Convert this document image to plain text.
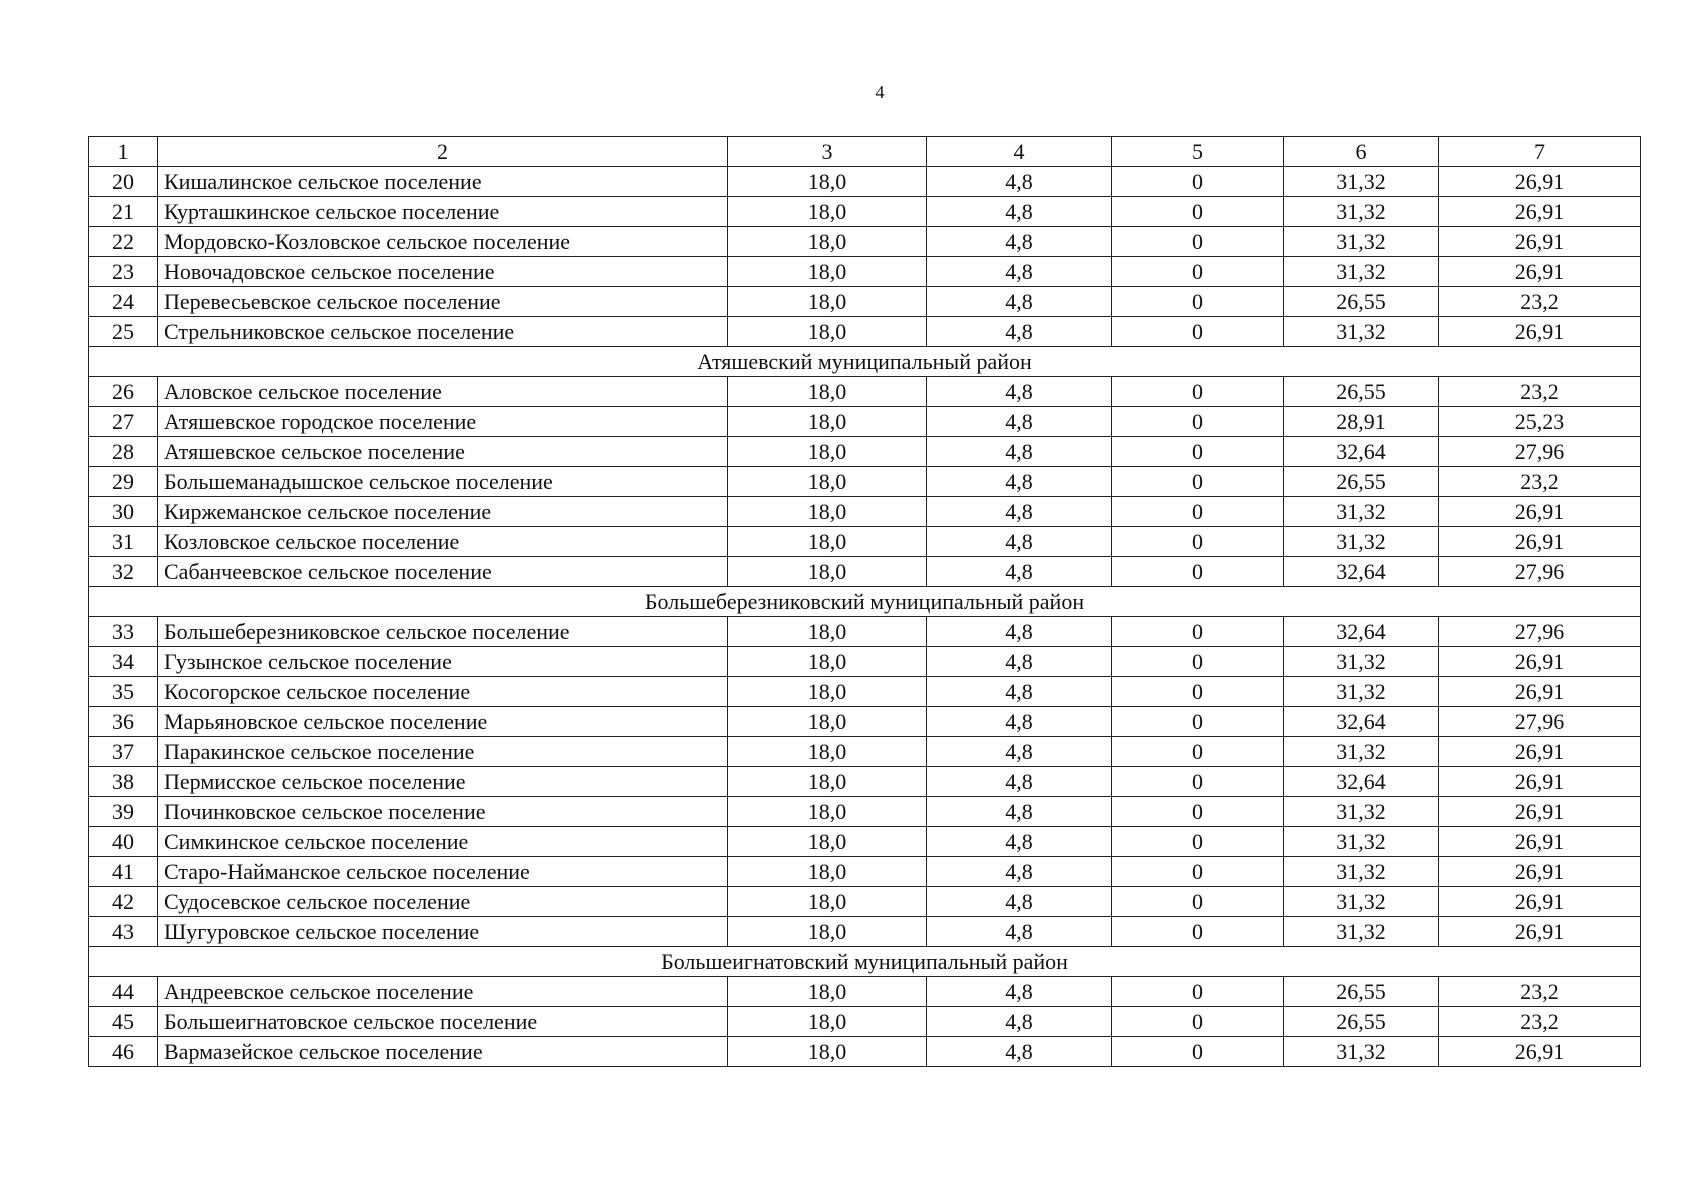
4
1	2	3	4	5	6	7
20	Кишалинское сельское поселение	18,0	4,8	0	31,32	26,91
21	Курташкинское сельское поселение	18,0	4,8	0	31,32	26,91
22	Мордовско-Козловское сельское поселение	18,0	4,8	0	31,32	26,91
23	Новочадовское сельское поселение	18,0	4,8	0	31,32	26,91
24	Перевесьевское сельское поселение	18,0	4,8	0	26,55	23,2
25	Стрельниковское сельское поселение	18,0	4,8	0	31,32	26,91
Атяшевский муниципальный район						
26	Аловское сельское поселение	18,0	4,8	0	26,55	23,2
27	Атяшевское городское поселение	18,0	4,8	0	28,91	25,23
28	Атяшевское сельское поселение	18,0	4,8	0	32,64	27,96
29	Большеманадышское сельское поселение	18,0	4,8	0	26,55	23,2
30	Киржеманское сельское поселение	18,0	4,8	0	31,32	26,91
31	Козловское сельское поселение	18,0	4,8	0	31,32	26,91
32	Сабанчеевское сельское поселение	18,0	4,8	0	32,64	27,96
Большеберезниковский муниципальный район						
33	Большеберезниковское сельское поселение	18,0	4,8	0	32,64	27,96
34	Гузынское сельское поселение	18,0	4,8	0	31,32	26,91
35	Косогорское сельское поселение	18,0	4,8	0	31,32	26,91
36	Марьяновское сельское поселение	18,0	4,8	0	32,64	27,96
37	Паракинское сельское поселение	18,0	4,8	0	31,32	26,91
38	Пермисское сельское поселение	18,0	4,8	0	32,64	26,91
39	Починковское сельское поселение	18,0	4,8	0	31,32	26,91
40	Симкинское сельское поселение	18,0	4,8	0	31,32	26,91
41	Старо-Найманское сельское поселение	18,0	4,8	0	31,32	26,91
42	Судосевское сельское поселение	18,0	4,8	0	31,32	26,91
43	Шугуровское сельское поселение	18,0	4,8	0	31,32	26,91
Большеигнатовский муниципальный район						
44	Андреевское сельское поселение	18,0	4,8	0	26,55	23,2
45	Большеигнатовское сельское поселение	18,0	4,8	0	26,55	23,2
46	Вармазейское сельское поселение	18,0	4,8	0	31,32	26,91
